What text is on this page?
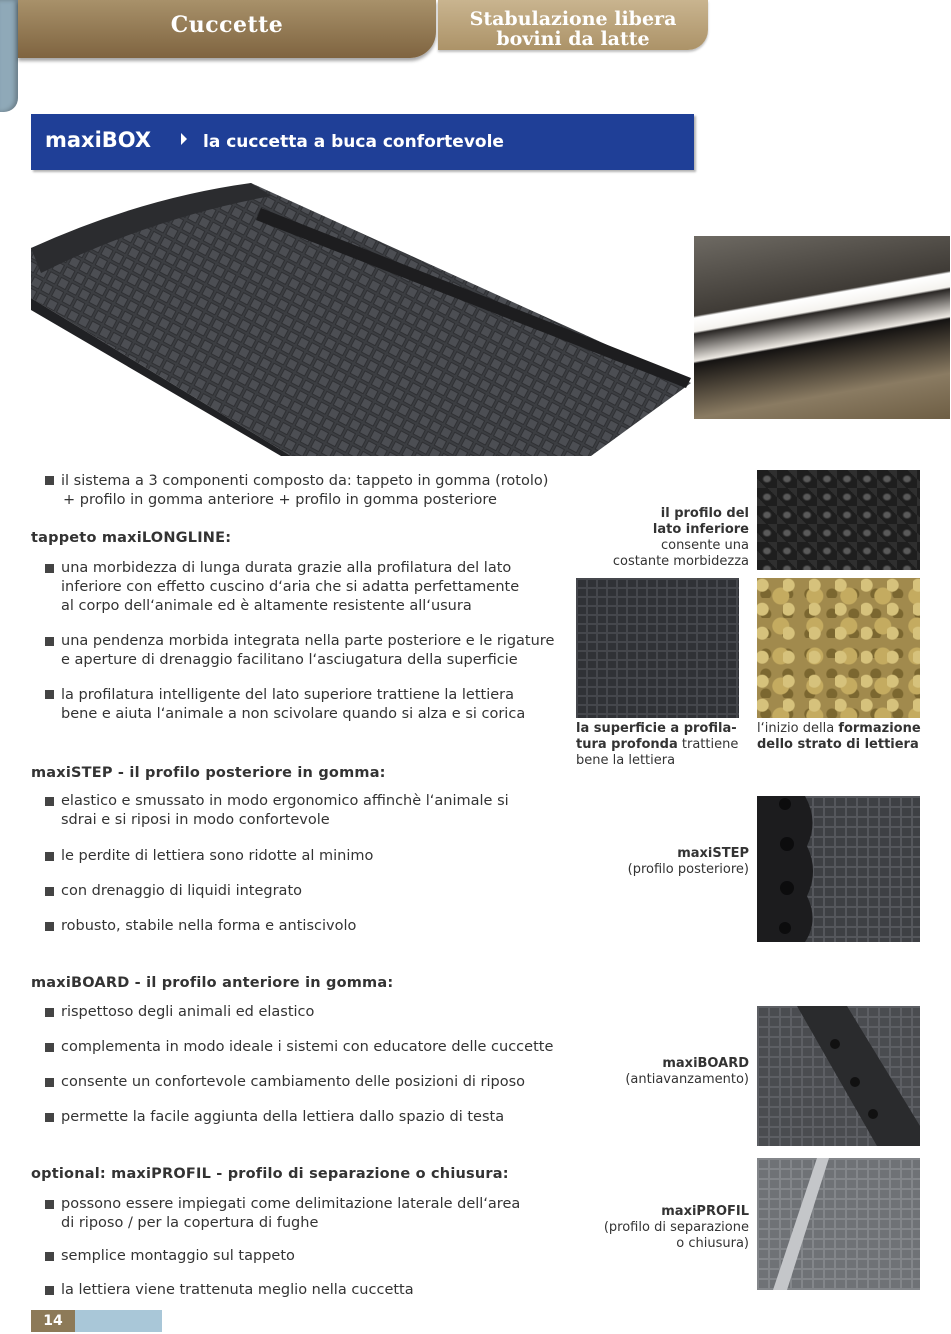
Cuccette	Stabulazione libera
bovini da latte
maxiBOX	la cuccetta a buca confortevole
il sistema a 3 componenti composto da: tappeto in gomma (rotolo)
+ profilo in gomma anteriore + profilo in gomma posteriore
tappeto maxiLONGLINE:
una morbidezza di lunga durata grazie alla profilatura del lato
inferiore con effetto cuscino d‘aria che si adatta perfettamente
al corpo dell‘animale ed è altamente resistente all‘usura
una pendenza morbida integrata nella parte posteriore e le rigature
e aperture di drenaggio facilitano l‘asciugatura della superficie
la profilatura intelligente del lato superiore trattiene la lettiera
bene e aiuta l‘animale a non scivolare quando si alza e si corica
maxiSTEP - il profilo posteriore in gomma:
elastico e smussato in modo ergonomico affinchè l‘animale si
sdrai e si riposi in modo confortevole
le perdite di lettiera sono ridotte al minimo
con drenaggio di liquidi integrato
robusto, stabile nella forma e antiscivolo
maxiBOARD - il profilo anteriore in gomma:
rispettoso degli animali ed elastico
complementa in modo ideale i sistemi con educatore delle cuccette
consente un confortevole cambiamento delle posizioni di riposo
permette la facile aggiunta della lettiera dallo spazio di testa
optional: maxiPROFIL - profilo di separazione o chiusura:
possono essere impiegati come delimitazione laterale dell‘area
di riposo / per la copertura di fughe
semplice montaggio sul tappeto
la lettiera viene trattenuta meglio nella cuccetta
il profilo del
lato inferiore
consente una
costante morbidezza
la superficie a profila-
tura profonda trattiene
bene la lettiera
l‘inizio della formazione
dello strato di lettiera
maxiSTEP
(profilo posteriore)
maxiBOARD
(antiavanzamento)
maxiPROFIL
(profilo di separazione
o chiusura)
14
